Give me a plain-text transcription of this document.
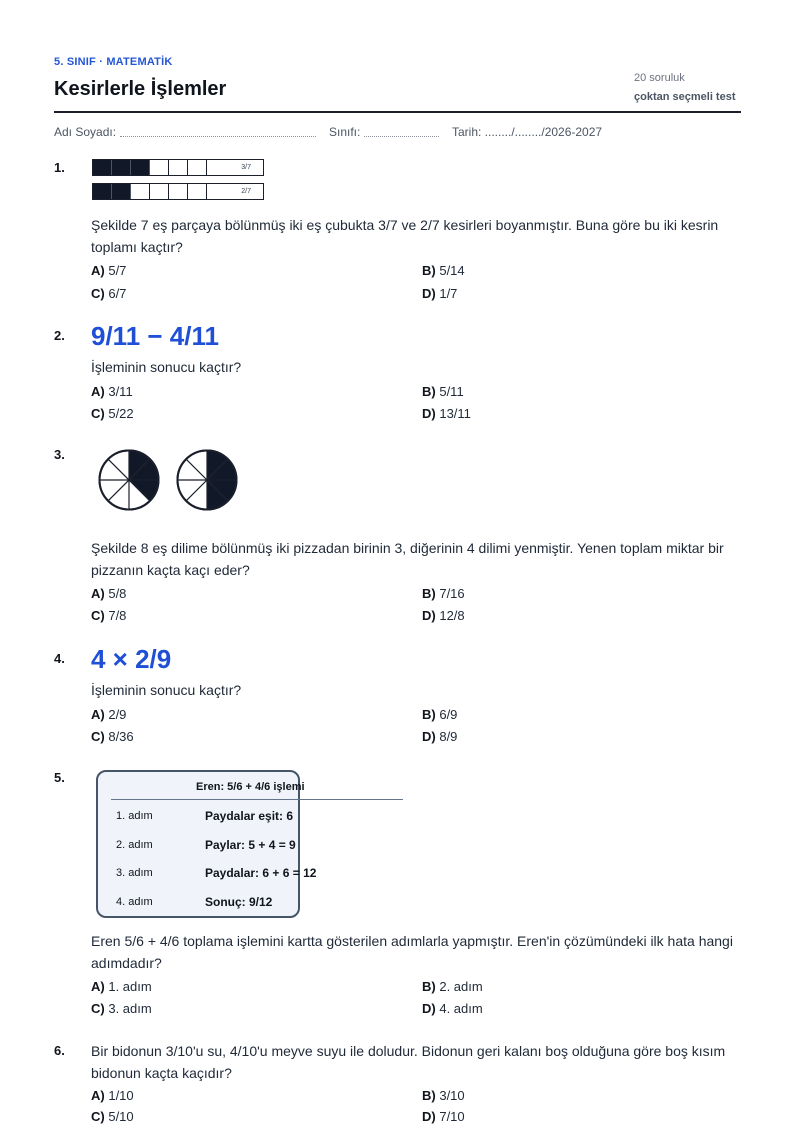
5. SINIF · MATEMATİK
Kesirlerle İşlemler	20 soruluk
çoktan seçmeli test
Adı Soyadı:	Sınıfı:	Tarih: ......../......../2026-2027
1.	3/7
2/7
Şekilde 7 eş parçaya bölünmüş iki eş çubukta 3/7 ve 2/7 kesirleri boyanmıştır. Buna göre bu iki kesrin toplamı kaçtır?
A) 5/7	B) 5/14
C) 6/7	D) 1/7
2. 9/11 − 4/11
İşleminin sonucu kaçtır?
A) 3/11	B) 5/11
C) 5/22	D) 13/11
3.
Şekilde 8 eş dilime bölünmüş iki pizzadan birinin 3, diğerinin 4 dilimi yenmiştir. Yenen toplam miktar bir pizzanın kaçta kaçı eder?
A) 5/8	B) 7/16
C) 7/8	D) 12/8
4. 4 × 2/9
İşleminin sonucu kaçtır?
A) 2/9	B) 6/9
C) 8/36	D) 8/9
5.
Eren: 5/6 + 4/6 işlemi
1. adım	Paydalar eşit: 6
2. adım	Paylar: 5 + 4 = 9
3. adım	Paydalar: 6 + 6 = 12
4. adım	Sonuç: 9/12
Eren 5/6 + 4/6 toplama işlemini kartta gösterilen adımlarla yapmıştır. Eren'in çözümündeki ilk hata hangi adımdadır?
A) 1. adım	B) 2. adım
C) 3. adım	D) 4. adım
6. Bir bidonun 3/10'u su, 4/10'u meyve suyu ile doludur. Bidonun geri kalanı boş olduğuna göre boş kısım bidonun kaçta kaçıdır?
A) 1/10	B) 3/10
C) 5/10	D) 7/10
